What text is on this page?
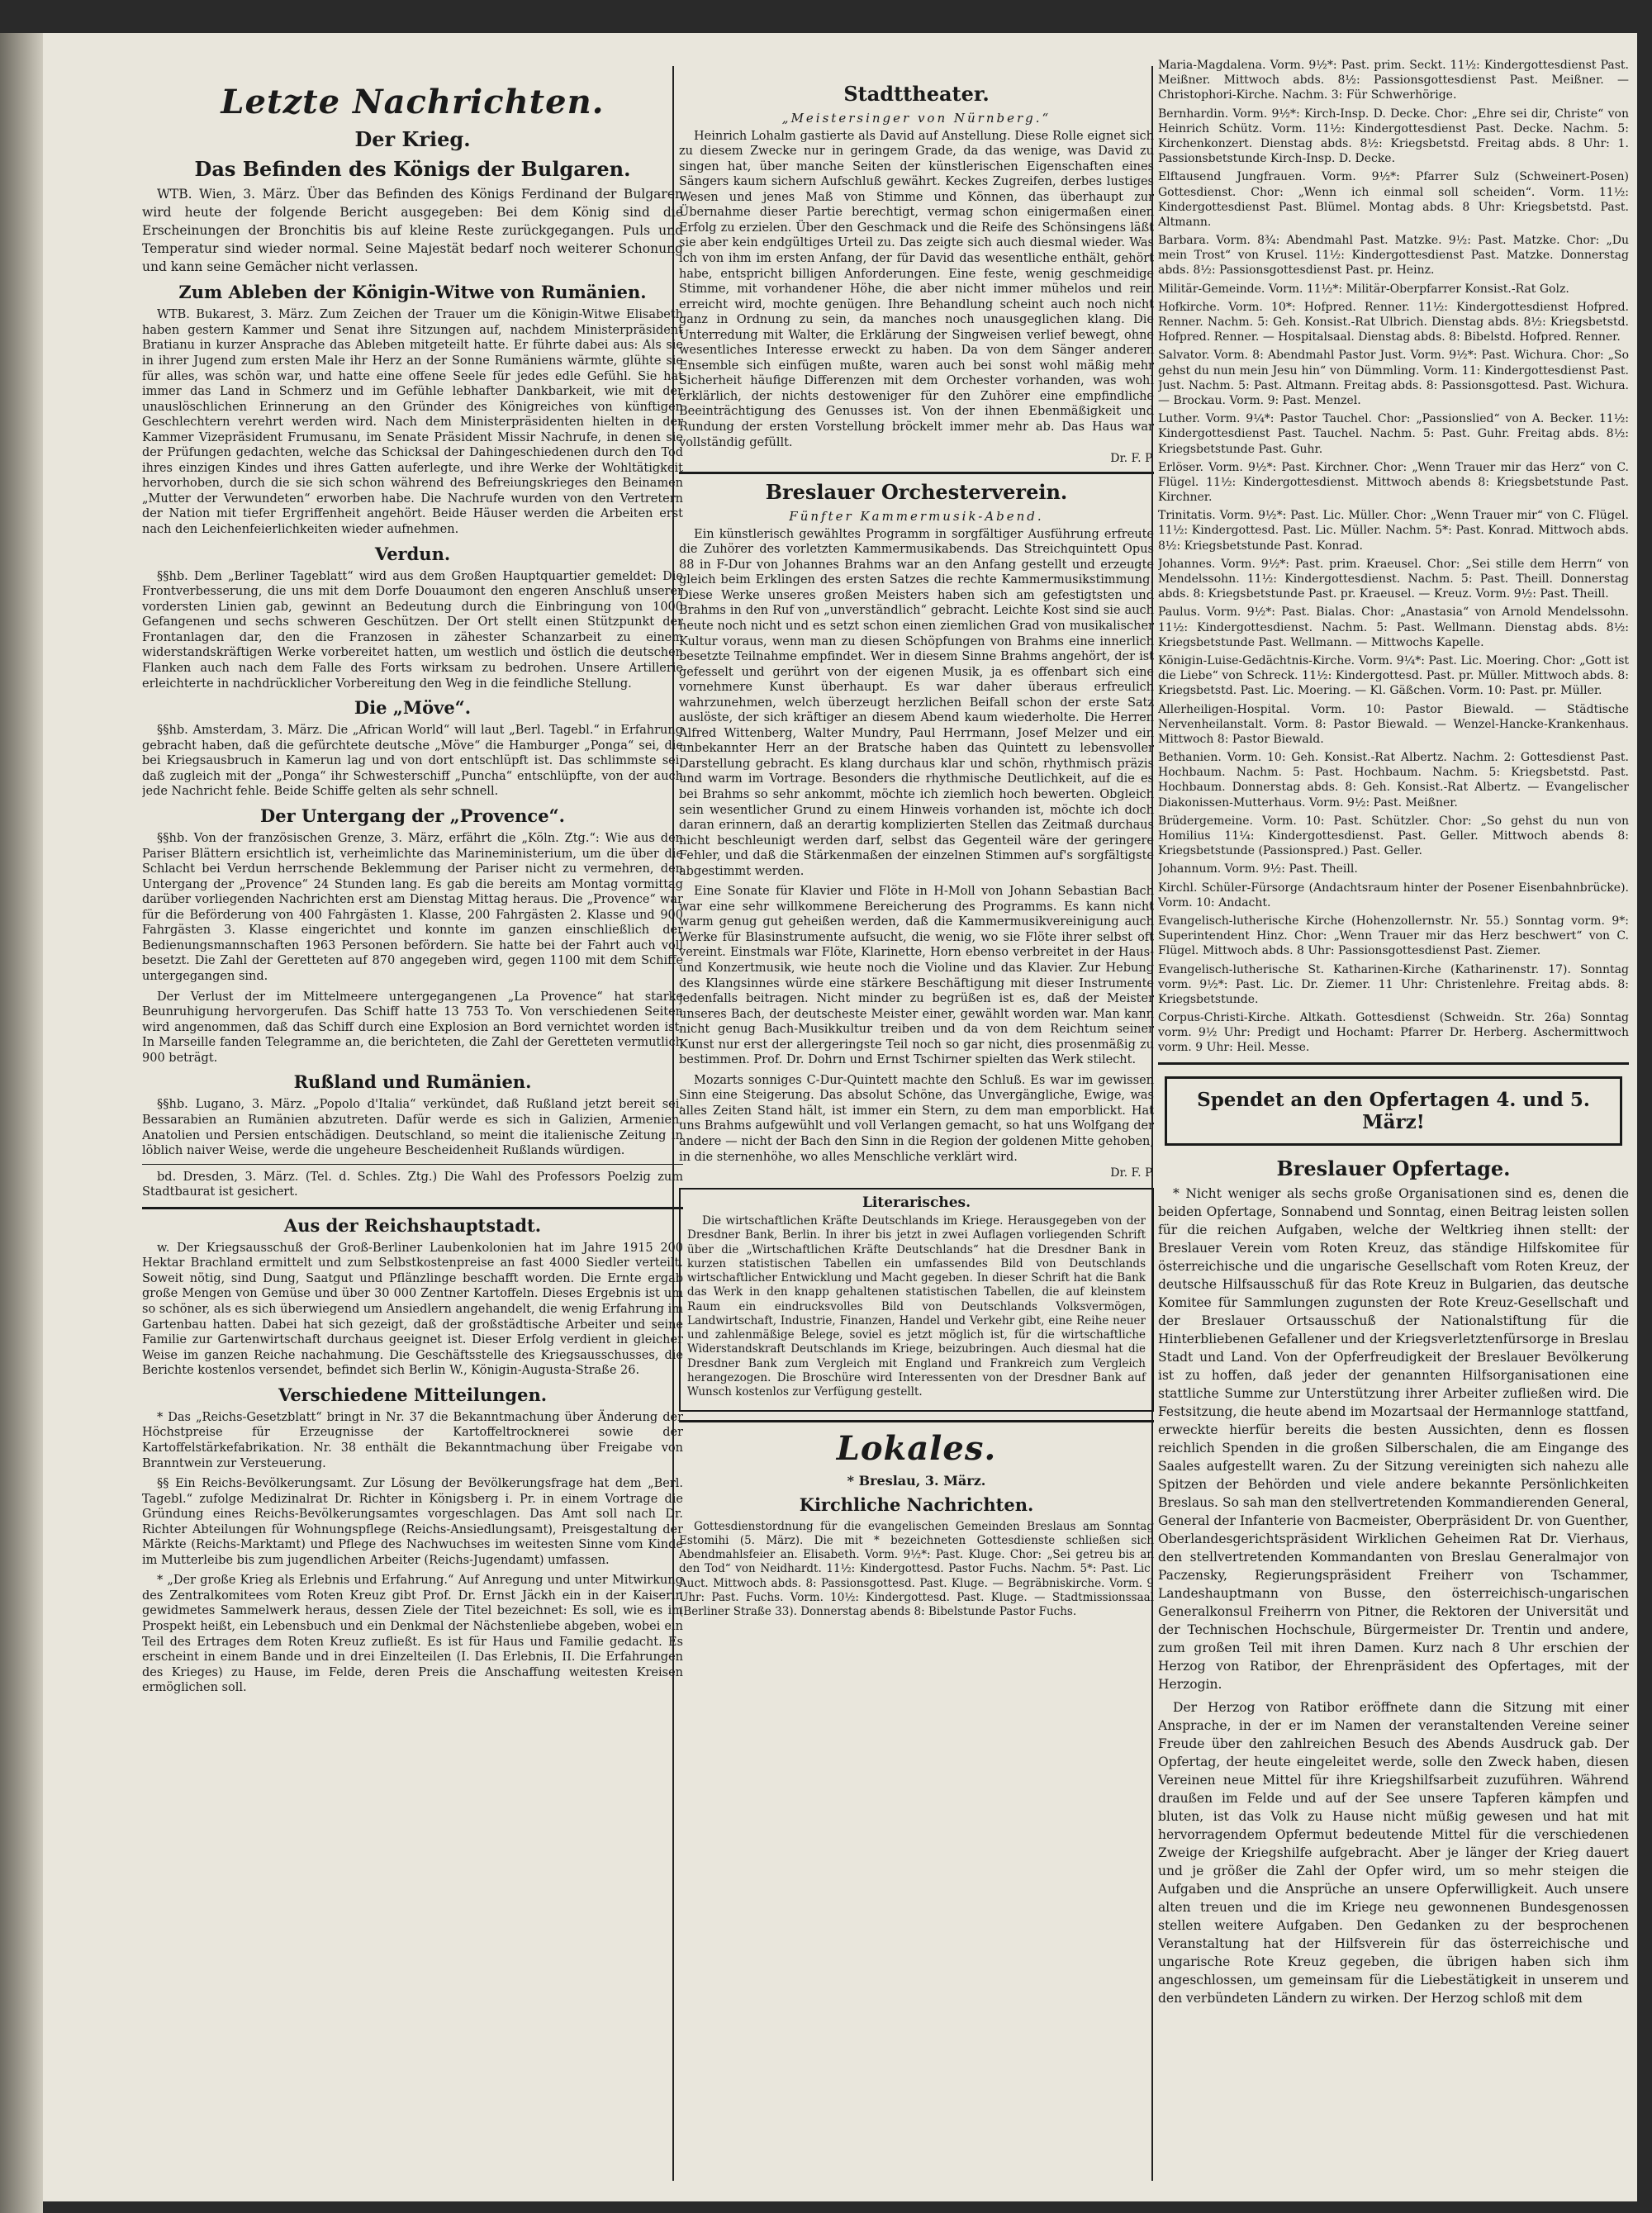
Letzte Nachrichten.
Der Krieg.
Das Befinden des Königs der Bulgaren.

WTB. Wien, 3. März. Über das Befinden des Königs Ferdinand der Bulgaren wird heute der folgende Bericht ausgegeben: Bei dem König sind die Erscheinungen der Bronchitis bis auf kleine Reste zurückgegangen. Puls und Temperatur sind wieder normal. Seine Majestät bedarf noch weiterer Schonung und kann seine Gemächer nicht verlassen.

Zum Ableben der Königin-Witwe von Rumänien.

WTB. Bukarest, 3. März. Zum Zeichen der Trauer um die Königin-Witwe Elisabeth haben gestern Kammer und Senat ihre Sitzungen auf, nachdem Ministerpräsident Bratianu in kurzer Ansprache das Ableben mitgeteilt hatte. Er führte dabei aus: Als sie in ihrer Jugend zum ersten Male ihr Herz an der Sonne Rumäniens wärmte, glühte sie für alles, was schön war, und hatte eine offene Seele für jedes edle Gefühl. Sie hat immer das Land in Schmerz und im Gefühle lebhafter Dankbarkeit, wie mit der unauslöschlichen Erinnerung an den Gründer des Königreiches von künftigen Geschlechtern verehrt werden wird. Nach dem Ministerpräsidenten hielten in der Kammer Vizepräsident Frumusanu, im Senate Präsident Missir Nachrufe, in denen sie der Prüfungen gedachten, welche das Schicksal der Dahingeschiedenen durch den Tod ihres einzigen Kindes und ihres Gatten auferlegte, und ihre Werke der Wohltätigkeit hervorhoben, durch die sie sich schon während des Befreiungskrieges den Beinamen „Mutter der Verwundeten“ erworben habe. Die Nachrufe wurden von den Vertretern der Nation mit tiefer Ergriffenheit angehört. Beide Häuser werden die Arbeiten erst nach den Leichenfeierlichkeiten wieder aufnehmen.

Verdun.

§§hb. Dem „Berliner Tageblatt“ wird aus dem Großen Hauptquartier gemeldet: Die Frontverbesserung, die uns mit dem Dorfe Douaumont den engeren Anschluß unserer vordersten Linien gab, gewinnt an Bedeutung durch die Einbringung von 1000 Gefangenen und sechs schweren Geschützen. Der Ort stellt einen Stützpunkt der Frontanlagen dar, den die Franzosen in zähester Schanzarbeit zu einem widerstandskräftigen Werke vorbereitet hatten, um westlich und östlich die deutschen Flanken auch nach dem Falle des Forts wirksam zu bedrohen. Unsere Artillerie erleichterte in nachdrücklicher Vorbereitung den Weg in die feindliche Stellung.

Die „Möve“.

§§hb. Amsterdam, 3. März. Die „African World“ will laut „Berl. Tagebl.“ in Erfahrung gebracht haben, daß die gefürchtete deutsche „Möve“ die Hamburger „Ponga“ sei, die bei Kriegsausbruch in Kamerun lag und von dort entschlüpft ist. Das schlimmste sei, daß zugleich mit der „Ponga“ ihr Schwesterschiff „Puncha“ entschlüpfte, von der auch jede Nachricht fehle. Beide Schiffe gelten als sehr schnell.

Der Untergang der „Provence“.

§§hb. Von der französischen Grenze, 3. März, erfährt die „Köln. Ztg.“: Wie aus den Pariser Blättern ersichtlich ist, verheimlichte das Marineministerium, um die über die Schlacht bei Verdun herrschende Beklemmung der Pariser nicht zu vermehren, den Untergang der „Provence“ 24 Stunden lang. Es gab die bereits am Montag vormittag darüber vorliegenden Nachrichten erst am Dienstag Mittag heraus. Die „Provence“ war für die Beförderung von 400 Fahrgästen 1. Klasse, 200 Fahrgästen 2. Klasse und 900 Fahrgästen 3. Klasse eingerichtet und konnte im ganzen einschließlich der Bedienungsmannschaften 1963 Personen befördern. Sie hatte bei der Fahrt auch voll besetzt. Die Zahl der Geretteten auf 870 angegeben wird, gegen 1100 mit dem Schiffe untergegangen sind.

Der Verlust der im Mittelmeere untergegangenen „La Provence“ hat starke Beunruhigung hervorgerufen. Das Schiff hatte 13 753 To. Von verschiedenen Seiten wird angenommen, daß das Schiff durch eine Explosion an Bord vernichtet worden ist. In Marseille fanden Telegramme an, die berichteten, die Zahl der Geretteten vermutlich 900 beträgt.

Rußland und Rumänien.

§§hb. Lugano, 3. März. „Popolo d'Italia“ verkündet, daß Rußland jetzt bereit sei, Bessarabien an Rumänien abzutreten. Dafür werde es sich in Galizien, Armenien, Anatolien und Persien entschädigen. Deutschland, so meint die italienische Zeitung in löblich naiver Weise, werde die ungeheure Bescheidenheit Rußlands würdigen.

bd. Dresden, 3. März. (Tel. d. Schles. Ztg.) Die Wahl des Professors Poelzig zum Stadtbaurat ist gesichert.

Aus der Reichshauptstadt.

w. Der Kriegsausschuß der Groß-Berliner Laubenkolonien hat im Jahre 1915 200 Hektar Brachland ermittelt und zum Selbstkostenpreise an fast 4000 Siedler verteilt. Soweit nötig, sind Dung, Saatgut und Pflänzlinge beschafft worden. Die Ernte ergab große Mengen von Gemüse und über 30 000 Zentner Kartoffeln. Dieses Ergebnis ist um so schöner, als es sich überwiegend um Ansiedlern angehandelt, die wenig Erfahrung im Gartenbau hatten. Dabei hat sich gezeigt, daß der großstädtische Arbeiter und seine Familie zur Gartenwirtschaft durchaus geeignet ist. Dieser Erfolg verdient in gleicher Weise im ganzen Reiche nachahmung. Die Geschäftsstelle des Kriegsausschusses, die Berichte kostenlos versendet, befindet sich Berlin W., Königin-Augusta-Straße 26.

Verschiedene Mitteilungen.

* Das „Reichs-Gesetzblatt“ bringt in Nr. 37 die Bekanntmachung über Änderung der Höchstpreise für Erzeugnisse der Kartoffeltrocknerei sowie der Kartoffelstärkefabrikation. Nr. 38 enthält die Bekanntmachung über Freigabe von Branntwein zur Versteuerung.

§§ Ein Reichs-Bevölkerungsamt. Zur Lösung der Bevölkerungsfrage hat dem „Berl. Tagebl.“ zufolge Medizinalrat Dr. Richter in Königsberg i. Pr. in einem Vortrage die Gründung eines Reichs-Bevölkerungsamtes vorgeschlagen. Das Amt soll nach Dr. Richter Abteilungen für Wohnungspflege (Reichs-Ansiedlungsamt), Preisgestaltung der Märkte (Reichs-Marktamt) und Pflege des Nachwuchses im weitesten Sinne vom Kinde im Mutterleibe bis zum jugendlichen Arbeiter (Reichs-Jugendamt) umfassen.

* „Der große Krieg als Erlebnis und Erfahrung.“ Auf Anregung und unter Mitwirkung des Zentralkomitees vom Roten Kreuz gibt Prof. Dr. Ernst Jäckh ein in der Kaiserin gewidmetes Sammelwerk heraus, dessen Ziele der Titel bezeichnet: Es soll, wie es im Prospekt heißt, ein Lebensbuch und ein Denkmal der Nächstenliebe abgeben, wobei ein Teil des Ertrages dem Roten Kreuz zufließt. Es ist für Haus und Familie gedacht. Es erscheint in einem Bande und in drei Einzelteilen (I. Das Erlebnis, II. Die Erfahrungen des Krieges) zu Hause, im Felde, deren Preis die Anschaffung weitesten Kreisen ermöglichen soll.

Stadttheater.
„Meistersinger von Nürnberg.“

Heinrich Lohalm gastierte als David auf Anstellung. Diese Rolle eignet sich zu diesem Zwecke nur in geringem Grade, da das wenige, was David zu singen hat, über manche Seiten der künstlerischen Eigenschaften eines Sängers kaum sichern Aufschluß gewährt. Keckes Zugreifen, derbes lustiges Wesen und jenes Maß von Stimme und Können, das überhaupt zur Übernahme dieser Partie berechtigt, vermag schon einigermaßen einen Erfolg zu erzielen. Über den Geschmack und die Reife des Schönsingens läßt sie aber kein endgültiges Urteil zu. Das zeigte sich auch diesmal wieder. Was ich von ihm im ersten Anfang, der für David das wesentliche enthält, gehört habe, entspricht billigen Anforderungen. Eine feste, wenig geschmeidige Stimme, mit vorhandener Höhe, die aber nicht immer mühelos und rein erreicht wird, mochte genügen. Ihre Behandlung scheint auch noch nicht ganz in Ordnung zu sein, da manches noch unausgeglichen klang. Die Unterredung mit Walter, die Erklärung der Singweisen verlief bewegt, ohne wesentliches Interesse erweckt zu haben. Da von dem Sänger anderen Ensemble sich einfügen mußte, waren auch bei sonst wohl mäßig mehr Sicherheit häufige Differenzen mit dem Orchester vorhanden, was wohl erklärlich, der nichts destoweniger für den Zuhörer eine empfindliche Beeinträchtigung des Genusses ist. Von der ihnen Ebenmäßigkeit und Rundung der ersten Vorstellung bröckelt immer mehr ab. Das Haus war vollständig gefüllt.

Dr. F. P.
Breslauer Orchesterverein.
Fünfter Kammermusik-Abend.

Ein künstlerisch gewähltes Programm in sorgfältiger Ausführung erfreute die Zuhörer des vorletzten Kammermusikabends. Das Streichquintett Opus 88 in F-Dur von Johannes Brahms war an den Anfang gestellt und erzeugte gleich beim Erklingen des ersten Satzes die rechte Kammermusikstimmung. Diese Werke unseres großen Meisters haben sich am gefestigtsten und Brahms in den Ruf von „unverständlich“ gebracht. Leichte Kost sind sie auch heute noch nicht und es setzt schon einen ziemlichen Grad von musikalischer Kultur voraus, wenn man zu diesen Schöpfungen von Brahms eine innerlich besetzte Teilnahme empfindet. Wer in diesem Sinne Brahms angehört, der ist gefesselt und gerührt von der eigenen Musik, ja es offenbart sich eine vornehmere Kunst überhaupt. Es war daher überaus erfreulich wahrzunehmen, welch überzeugt herzlichen Beifall schon der erste Satz auslöste, der sich kräftiger an diesem Abend kaum wiederholte. Die Herren Alfred Wittenberg, Walter Mundry, Paul Herrmann, Josef Melzer und ein unbekannter Herr an der Bratsche haben das Quintett zu lebensvoller Darstellung gebracht. Es klang durchaus klar und schön, rhythmisch präzis und warm im Vortrage. Besonders die rhythmische Deutlichkeit, auf die es bei Brahms so sehr ankommt, möchte ich ziemlich hoch bewerten. Obgleich sein wesentlicher Grund zu einem Hinweis vorhanden ist, möchte ich doch daran erinnern, daß an derartig komplizierten Stellen das Zeitmaß durchaus nicht beschleunigt werden darf, selbst das Gegenteil wäre der geringere Fehler, und daß die Stärkenmaßen der einzelnen Stimmen auf's sorgfältigste abgestimmt werden.

Eine Sonate für Klavier und Flöte in H-Moll von Johann Sebastian Bach war eine sehr willkommene Bereicherung des Programms. Es kann nicht warm genug gut geheißen werden, daß die Kammermusikvereinigung auch Werke für Blasinstrumente aufsucht, die wenig, wo sie Flöte ihrer selbst oft vereint. Einstmals war Flöte, Klarinette, Horn ebenso verbreitet in der Haus- und Konzertmusik, wie heute noch die Violine und das Klavier. Zur Hebung des Klangsinnes würde eine stärkere Beschäftigung mit dieser Instrumente jedenfalls beitragen. Nicht minder zu begrüßen ist es, daß der Meister unseres Bach, der deutscheste Meister einer, gewählt worden war. Man kann nicht genug Bach-Musikkultur treiben und da von dem Reichtum seiner Kunst nur erst der allergeringste Teil noch so gar nicht, dies prosenmäßig zu bestimmen. Prof. Dr. Dohrn und Ernst Tschirner spielten das Werk stilecht.

Mozarts sonniges C-Dur-Quintett machte den Schluß. Es war im gewissen Sinn eine Steigerung. Das absolut Schöne, das Unvergängliche, Ewige, was alles Zeiten Stand hält, ist immer ein Stern, zu dem man emporblickt. Hat uns Brahms aufgewühlt und voll Verlangen gemacht, so hat uns Wolfgang der andere — nicht der Bach den Sinn in die Region der goldenen Mitte gehoben, in die sternenhöhe, wo alles Menschliche verklärt wird.

Dr. F. P.
Literarisches.

Die wirtschaftlichen Kräfte Deutschlands im Kriege. Herausgegeben von der Dresdner Bank, Berlin. In ihrer bis jetzt in zwei Auflagen vorliegenden Schrift über die „Wirtschaftlichen Kräfte Deutschlands“ hat die Dresdner Bank in kurzen statistischen Tabellen ein umfassendes Bild von Deutschlands wirtschaftlicher Entwicklung und Macht gegeben. In dieser Schrift hat die Bank das Werk in den knapp gehaltenen statistischen Tabellen, die auf kleinstem Raum ein eindrucksvolles Bild von Deutschlands Volksvermögen, Landwirtschaft, Industrie, Finanzen, Handel und Verkehr gibt, eine Reihe neuer und zahlenmäßige Belege, soviel es jetzt möglich ist, für die wirtschaftliche Widerstandskraft Deutschlands im Kriege, beizubringen. Auch diesmal hat die Dresdner Bank zum Vergleich mit England und Frankreich zum Vergleich herangezogen. Die Broschüre wird Interessenten von der Dresdner Bank auf Wunsch kostenlos zur Verfügung gestellt.

Lokales.
* Breslau, 3. März.
Kirchliche Nachrichten.

Gottesdienstordnung für die evangelischen Gemeinden Breslaus am Sonntag Estomihi (5. März). Die mit * bezeichneten Gottesdienste schließen sich Abendmahlsfeier an. Elisabeth. Vorm. 9½*: Past. Kluge. Chor: „Sei getreu bis an den Tod“ von Neidhardt. 11½: Kindergottesd. Pastor Fuchs. Nachm. 5*: Past. Lic. Auct. Mittwoch abds. 8: Passionsgottesd. Past. Kluge. — Begräbniskirche. Vorm. 9 Uhr: Past. Fuchs. Vorm. 10½: Kindergottesd. Past. Kluge. — Stadtmissionssaal (Berliner Straße 33). Donnerstag abends 8: Bibelstunde Pastor Fuchs.

Maria-Magdalena. Vorm. 9½*: Past. prim. Seckt. 11½: Kindergottesdienst Past. Meißner. Mittwoch abds. 8½: Passionsgottesdienst Past. Meißner. — Christophori-Kirche. Nachm. 3: Für Schwerhörige.

Bernhardin. Vorm. 9½*: Kirch-Insp. D. Decke. Chor: „Ehre sei dir, Christe“ von Heinrich Schütz. Vorm. 11½: Kindergottesdienst Past. Decke. Nachm. 5: Kirchenkonzert. Dienstag abds. 8½: Kriegsbetstd. Freitag abds. 8 Uhr: 1. Passionsbetstunde Kirch-Insp. D. Decke.

Elftausend Jungfrauen. Vorm. 9½*: Pfarrer Sulz (Schweinert-Posen) Gottesdienst. Chor: „Wenn ich einmal soll scheiden“. Vorm. 11½: Kindergottesdienst Past. Blümel. Montag abds. 8 Uhr: Kriegsbetstd. Past. Altmann.

Barbara. Vorm. 8¾: Abendmahl Past. Matzke. 9½: Past. Matzke. Chor: „Du mein Trost“ von Krusel. 11½: Kindergottesdienst Past. Matzke. Donnerstag abds. 8½: Passionsgottesdienst Past. pr. Heinz.

Militär-Gemeinde. Vorm. 11½*: Militär-Oberpfarrer Konsist.-Rat Golz.

Hofkirche. Vorm. 10*: Hofpred. Renner. 11½: Kindergottesdienst Hofpred. Renner. Nachm. 5: Geh. Konsist.-Rat Ulbrich. Dienstag abds. 8½: Kriegsbetstd. Hofpred. Renner. — Hospitalsaal. Dienstag abds. 8: Bibelstd. Hofpred. Renner.

Salvator. Vorm. 8: Abendmahl Pastor Just. Vorm. 9½*: Past. Wichura. Chor: „So gehst du nun mein Jesu hin“ von Dümmling. Vorm. 11: Kindergottesdienst Past. Just. Nachm. 5: Past. Altmann. Freitag abds. 8: Passionsgottesd. Past. Wichura. — Brockau. Vorm. 9: Past. Menzel.

Luther. Vorm. 9¼*: Pastor Tauchel. Chor: „Passionslied“ von A. Becker. 11½: Kindergottesdienst Past. Tauchel. Nachm. 5: Past. Guhr. Freitag abds. 8½: Kriegsbetstunde Past. Guhr.

Erlöser. Vorm. 9½*: Past. Kirchner. Chor: „Wenn Trauer mir das Herz“ von C. Flügel. 11½: Kindergottesdienst. Mittwoch abends 8: Kriegsbetstunde Past. Kirchner.

Trinitatis. Vorm. 9½*: Past. Lic. Müller. Chor: „Wenn Trauer mir“ von C. Flügel. 11½: Kindergottesd. Past. Lic. Müller. Nachm. 5*: Past. Konrad. Mittwoch abds. 8½: Kriegsbetstunde Past. Konrad.

Johannes. Vorm. 9½*: Past. prim. Kraeusel. Chor: „Sei stille dem Herrn“ von Mendelssohn. 11½: Kindergottesdienst. Nachm. 5: Past. Theill. Donnerstag abds. 8: Kriegsbetstunde Past. pr. Kraeusel. — Kreuz. Vorm. 9½: Past. Theill.

Paulus. Vorm. 9½*: Past. Bialas. Chor: „Anastasia“ von Arnold Mendelssohn. 11½: Kindergottesdienst. Nachm. 5: Past. Wellmann. Dienstag abds. 8½: Kriegsbetstunde Past. Wellmann. — Mittwochs Kapelle.

Königin-Luise-Gedächtnis-Kirche. Vorm. 9¼*: Past. Lic. Moering. Chor: „Gott ist die Liebe“ von Schreck. 11½: Kindergottesd. Past. pr. Müller. Mittwoch abds. 8: Kriegsbetstd. Past. Lic. Moering. — Kl. Gäßchen. Vorm. 10: Past. pr. Müller.

Allerheiligen-Hospital. Vorm. 10: Pastor Biewald. — Städtische Nervenheilanstalt. Vorm. 8: Pastor Biewald. — Wenzel-Hancke-Krankenhaus. Mittwoch 8: Pastor Biewald.

Bethanien. Vorm. 10: Geh. Konsist.-Rat Albertz. Nachm. 2: Gottesdienst Past. Hochbaum. Nachm. 5: Past. Hochbaum. Nachm. 5: Kriegsbetstd. Past. Hochbaum. Donnerstag abds. 8: Geh. Konsist.-Rat Albertz. — Evangelischer Diakonissen-Mutterhaus. Vorm. 9½: Past. Meißner.

Brüdergemeine. Vorm. 10: Past. Schützler. Chor: „So gehst du nun von Homilius 11¼: Kindergottesdienst. Past. Geller. Mittwoch abends 8: Kriegsbetstunde (Passionspred.) Past. Geller.

Johannum. Vorm. 9½: Past. Theill.

Kirchl. Schüler-Fürsorge (Andachtsraum hinter der Posener Eisenbahnbrücke). Vorm. 10: Andacht.

Evangelisch-lutherische Kirche (Hohenzollernstr. Nr. 55.) Sonntag vorm. 9*: Superintendent Hinz. Chor: „Wenn Trauer mir das Herz beschwert“ von C. Flügel. Mittwoch abds. 8 Uhr: Passionsgottesdienst Past. Ziemer.

Evangelisch-lutherische St. Katharinen-Kirche (Katharinenstr. 17). Sonntag vorm. 9½*: Past. Lic. Dr. Ziemer. 11 Uhr: Christenlehre. Freitag abds. 8: Kriegsbetstunde.

Corpus-Christi-Kirche. Altkath. Gottesdienst (Schweidn. Str. 26a) Sonntag vorm. 9½ Uhr: Predigt und Hochamt: Pfarrer Dr. Herberg. Aschermittwoch vorm. 9 Uhr: Heil. Messe.

Spendet an den Opfertagen 4. und 5. März!
Breslauer Opfertage.

* Nicht weniger als sechs große Organisationen sind es, denen die beiden Opfertage, Sonnabend und Sonntag, einen Beitrag leisten sollen für die reichen Aufgaben, welche der Weltkrieg ihnen stellt: der Breslauer Verein vom Roten Kreuz, das ständige Hilfskomitee für österreichische und die ungarische Gesellschaft vom Roten Kreuz, der deutsche Hilfsausschuß für das Rote Kreuz in Bulgarien, das deutsche Komitee für Sammlungen zugunsten der Rote Kreuz-Gesellschaft und der Breslauer Ortsausschuß der Nationalstiftung für die Hinterbliebenen Gefallener und der Kriegsverletztenfürsorge in Breslau Stadt und Land. Von der Opferfreudigkeit der Breslauer Bevölkerung ist zu hoffen, daß jeder der genannten Hilfsorganisationen eine stattliche Summe zur Unterstützung ihrer Arbeiter zufließen wird. Die Festsitzung, die heute abend im Mozartsaal der Hermannloge stattfand, erweckte hierfür bereits die besten Aussichten, denn es flossen reichlich Spenden in die großen Silberschalen, die am Eingange des Saales aufgestellt waren. Zu der Sitzung vereinigten sich nahezu alle Spitzen der Behörden und viele andere bekannte Persönlichkeiten Breslaus. So sah man den stellvertretenden Kommandierenden General, General der Infanterie von Bacmeister, Oberpräsident Dr. von Guenther, Oberlandesgerichtspräsident Wirklichen Geheimen Rat Dr. Vierhaus, den stellvertretenden Kommandanten von Breslau Generalmajor von Paczensky, Regierungspräsident Freiherr von Tschammer, Landeshauptmann von Busse, den österreichisch-ungarischen Generalkonsul Freiherrn von Pitner, die Rektoren der Universität und der Technischen Hochschule, Bürgermeister Dr. Trentin und andere, zum großen Teil mit ihren Damen. Kurz nach 8 Uhr erschien der Herzog von Ratibor, der Ehrenpräsident des Opfertages, mit der Herzogin.

Der Herzog von Ratibor eröffnete dann die Sitzung mit einer Ansprache, in der er im Namen der veranstaltenden Vereine seiner Freude über den zahlreichen Besuch des Abends Ausdruck gab. Der Opfertag, der heute eingeleitet werde, solle den Zweck haben, diesen Vereinen neue Mittel für ihre Kriegshilfsarbeit zuzuführen. Während draußen im Felde und auf der See unsere Tapferen kämpfen und bluten, ist das Volk zu Hause nicht müßig gewesen und hat mit hervorragendem Opfermut bedeutende Mittel für die verschiedenen Zweige der Kriegshilfe aufgebracht. Aber je länger der Krieg dauert und je größer die Zahl der Opfer wird, um so mehr steigen die Aufgaben und die Ansprüche an unsere Opferwilligkeit. Auch unsere alten treuen und die im Kriege neu gewonnenen Bundesgenossen stellen weitere Aufgaben. Den Gedanken zu der besprochenen Veranstaltung hat der Hilfsverein für das österreichische und ungarische Rote Kreuz gegeben, die übrigen haben sich ihm angeschlossen, um gemeinsam für die Liebestätigkeit in unserem und den verbündeten Ländern zu wirken. Der Herzog schloß mit dem
